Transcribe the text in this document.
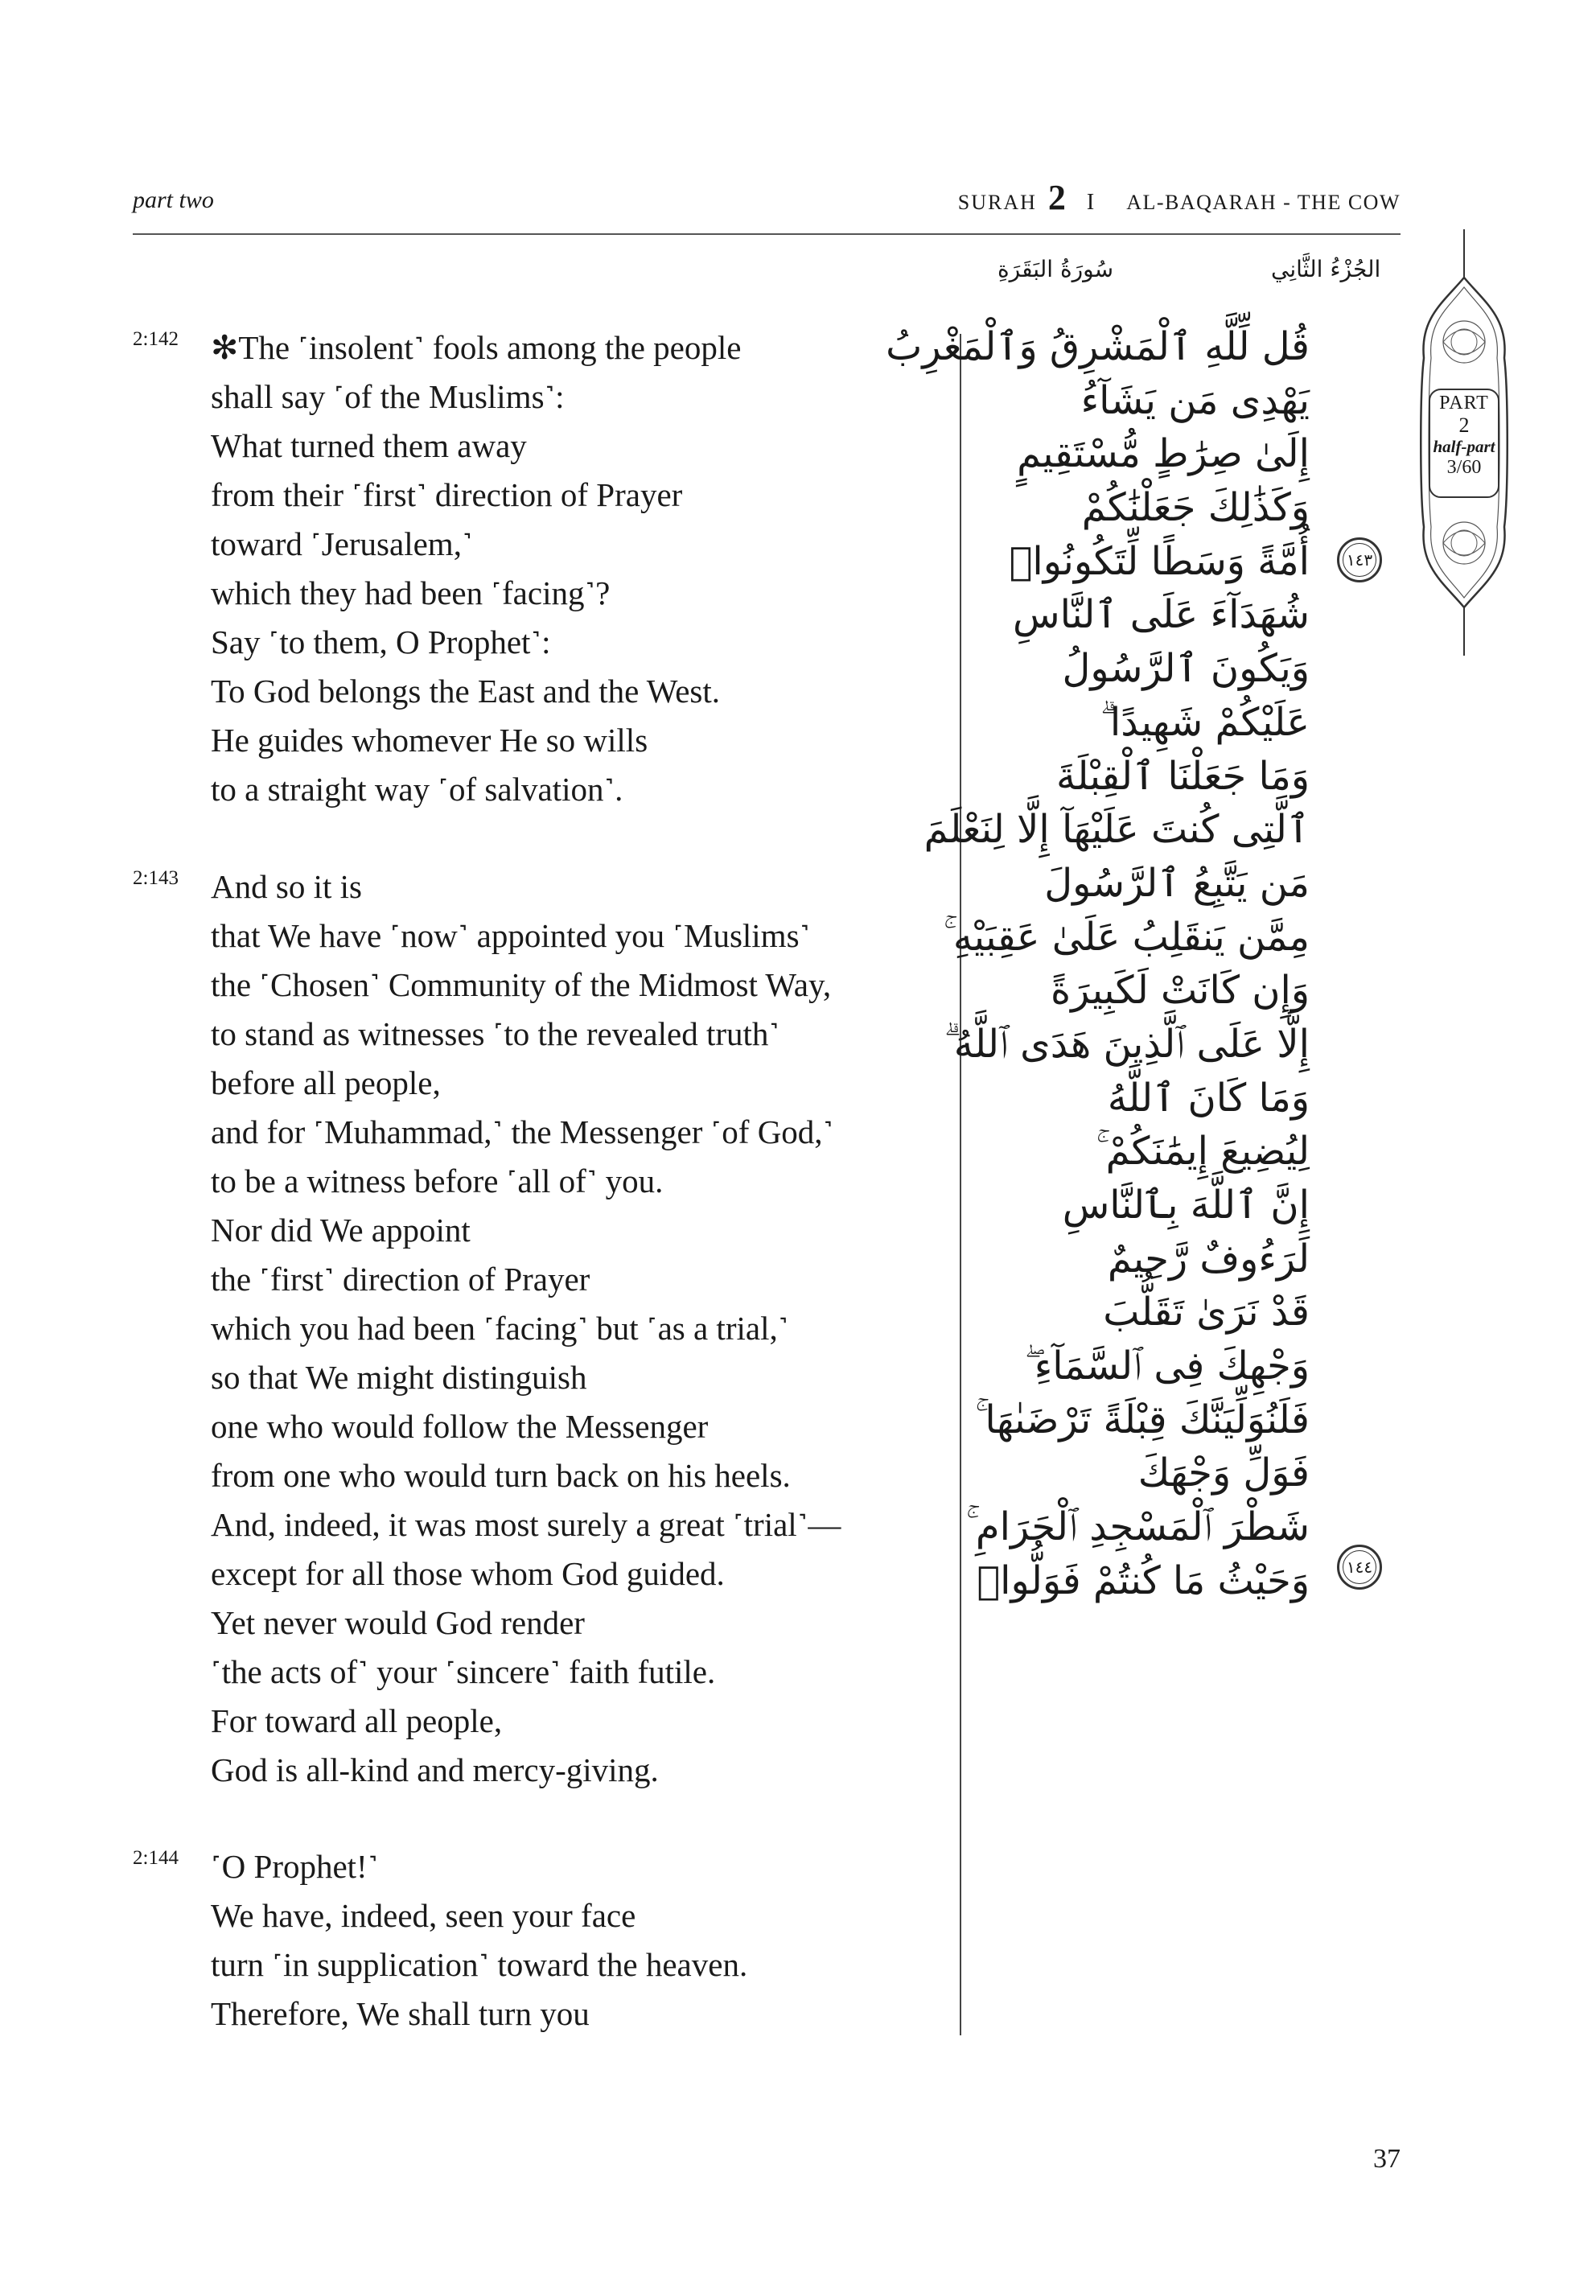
part two	SURAH 2 I AL-BAQARAH - THE COW
سُورَةُ البَقَرَةِ	الجُزْءُ الثَّانِي
2:142 ✻The ˹insolent˺ fools among the people
shall say ˹of the Muslims˺:
What turned them away
from their ˹first˺ direction of Prayer
toward ˹Jerusalem,˺
which they had been ˹facing˺?
Say ˹to them, O Prophet˺:
To God belongs the East and the West.
He guides whomever He so wills
to a straight way ˹of salvation˺.
2:143 And so it is
that We have ˹now˺ appointed you ˹Muslims˺
the ˹Chosen˺ Community of the Midmost Way,
to stand as witnesses ˹to the revealed truth˺
before all people,
and for ˹Muhammad,˺ the Messenger ˹of God,˺
to be a witness before ˹all of˺ you.
Nor did We appoint
the ˹first˺ direction of Prayer
which you had been ˹facing˺ but ˹as a trial,˺
so that We might distinguish
one who would follow the Messenger
from one who would turn back on his heels.
And, indeed, it was most surely a great ˹trial˺—
except for all those whom God guided.
Yet never would God render
˹the acts of˺ your ˹sincere˺ faith futile.
For toward all people,
God is all-kind and mercy-giving.
2:144 ˹O Prophet!˺
We have, indeed, seen your face
turn ˹in supplication˺ toward the heaven.
Therefore, We shall turn you
قُل لِّلَّهِ ٱلْمَشْرِقُ وَٱلْمَغْرِبُ
يَهْدِى مَن يَشَآءُ
إِلَىٰ صِرَٰطٍ مُّسْتَقِيمٍ
وَكَذَٰلِكَ جَعَلْنَٰكُمْ
أُمَّةً وَسَطًا لِّتَكُونُوا۟
شُهَدَآءَ عَلَى ٱلنَّاسِ
وَيَكُونَ ٱلرَّسُولُ
عَلَيْكُمْ شَهِيدًا ۗ
وَمَا جَعَلْنَا ٱلْقِبْلَةَ
ٱلَّتِى كُنتَ عَلَيْهَآ إِلَّا لِنَعْلَمَ
مَن يَتَّبِعُ ٱلرَّسُولَ
مِمَّن يَنقَلِبُ عَلَىٰ عَقِبَيْهِ ۚ
وَإِن كَانَتْ لَكَبِيرَةً
إِلَّا عَلَى ٱلَّذِينَ هَدَى ٱللَّهُ ۗ
وَمَا كَانَ ٱللَّهُ
لِيُضِيعَ إِيمَٰنَكُمْ ۚ
إِنَّ ٱللَّهَ بِٱلنَّاسِ
لَرَءُوفٌ رَّحِيمٌ
قَدْ نَرَىٰ تَقَلُّبَ
وَجْهِكَ فِى ٱلسَّمَآءِ ۖ
فَلَنُوَلِّيَنَّكَ قِبْلَةً تَرْضَىٰهَا ۚ
فَوَلِّ وَجْهَكَ
شَطْرَ ٱلْمَسْجِدِ ٱلْحَرَامِ ۚ
وَحَيْثُ مَا كُنتُمْ فَوَلُّوا۟
١٤٣
١٤٤
PART
2
half-part
3/60
37
